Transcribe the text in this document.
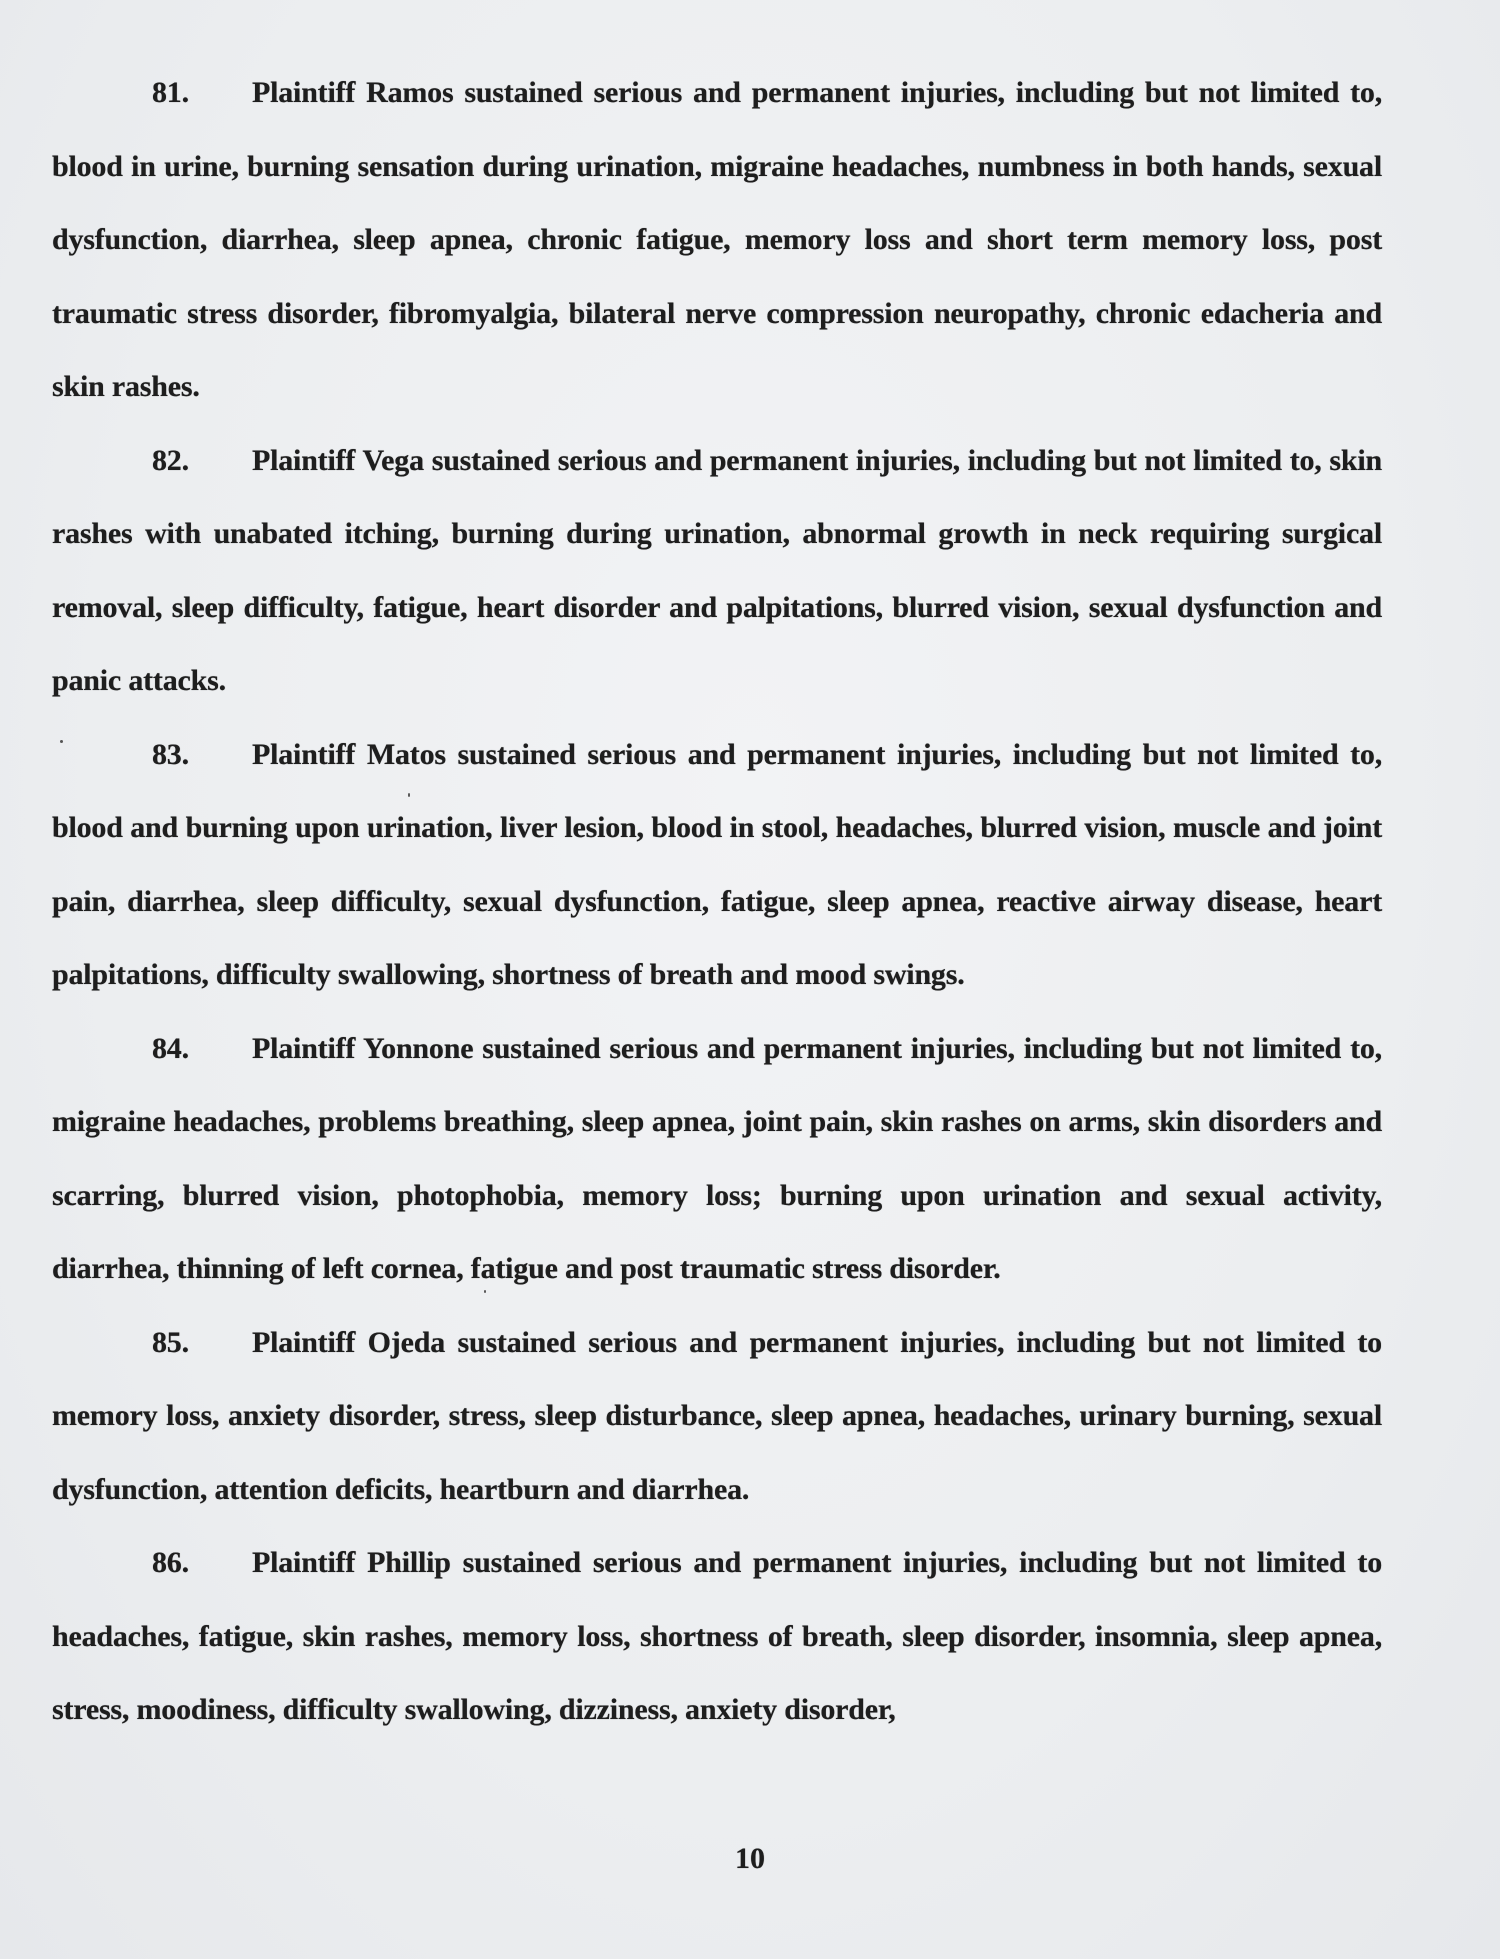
81. Plaintiff Ramos sustained serious and permanent injuries, including but not limited to, blood in urine, burning sensation during urination, migraine headaches, numbness in both hands, sexual dysfunction, diarrhea, sleep apnea, chronic fatigue, memory loss and short term memory loss, post traumatic stress disorder, fibromyalgia, bilateral nerve compression neuropathy, chronic edacheria and skin rashes.

82. Plaintiff Vega sustained serious and permanent injuries, including but not limited to, skin rashes with unabated itching, burning during urination, abnormal growth in neck requiring surgical removal, sleep difficulty, fatigue, heart disorder and palpitations, blurred vision, sexual dysfunction and panic attacks.

83. Plaintiff Matos sustained serious and permanent injuries, including but not limited to, blood and burning upon urination, liver lesion, blood in stool, headaches, blurred vision, muscle and joint pain, diarrhea, sleep difficulty, sexual dysfunction, fatigue, sleep apnea, reactive airway disease, heart palpitations, difficulty swallowing, shortness of breath and mood swings.

84. Plaintiff Yonnone sustained serious and permanent injuries, including but not limited to, migraine headaches, problems breathing, sleep apnea, joint pain, skin rashes on arms, skin disorders and scarring, blurred vision, photophobia, memory loss; burning upon urination and sexual activity, diarrhea, thinning of left cornea, fatigue and post traumatic stress disorder.

85. Plaintiff Ojeda sustained serious and permanent injuries, including but not limited to memory loss, anxiety disorder, stress, sleep disturbance, sleep apnea, headaches, urinary burning, sexual dysfunction, attention deficits, heartburn and diarrhea.

86. Plaintiff Phillip sustained serious and permanent injuries, including but not limited to headaches, fatigue, skin rashes, memory loss, shortness of breath, sleep disorder, insomnia, sleep apnea, stress, moodiness, difficulty swallowing, dizziness, anxiety disorder,

10
